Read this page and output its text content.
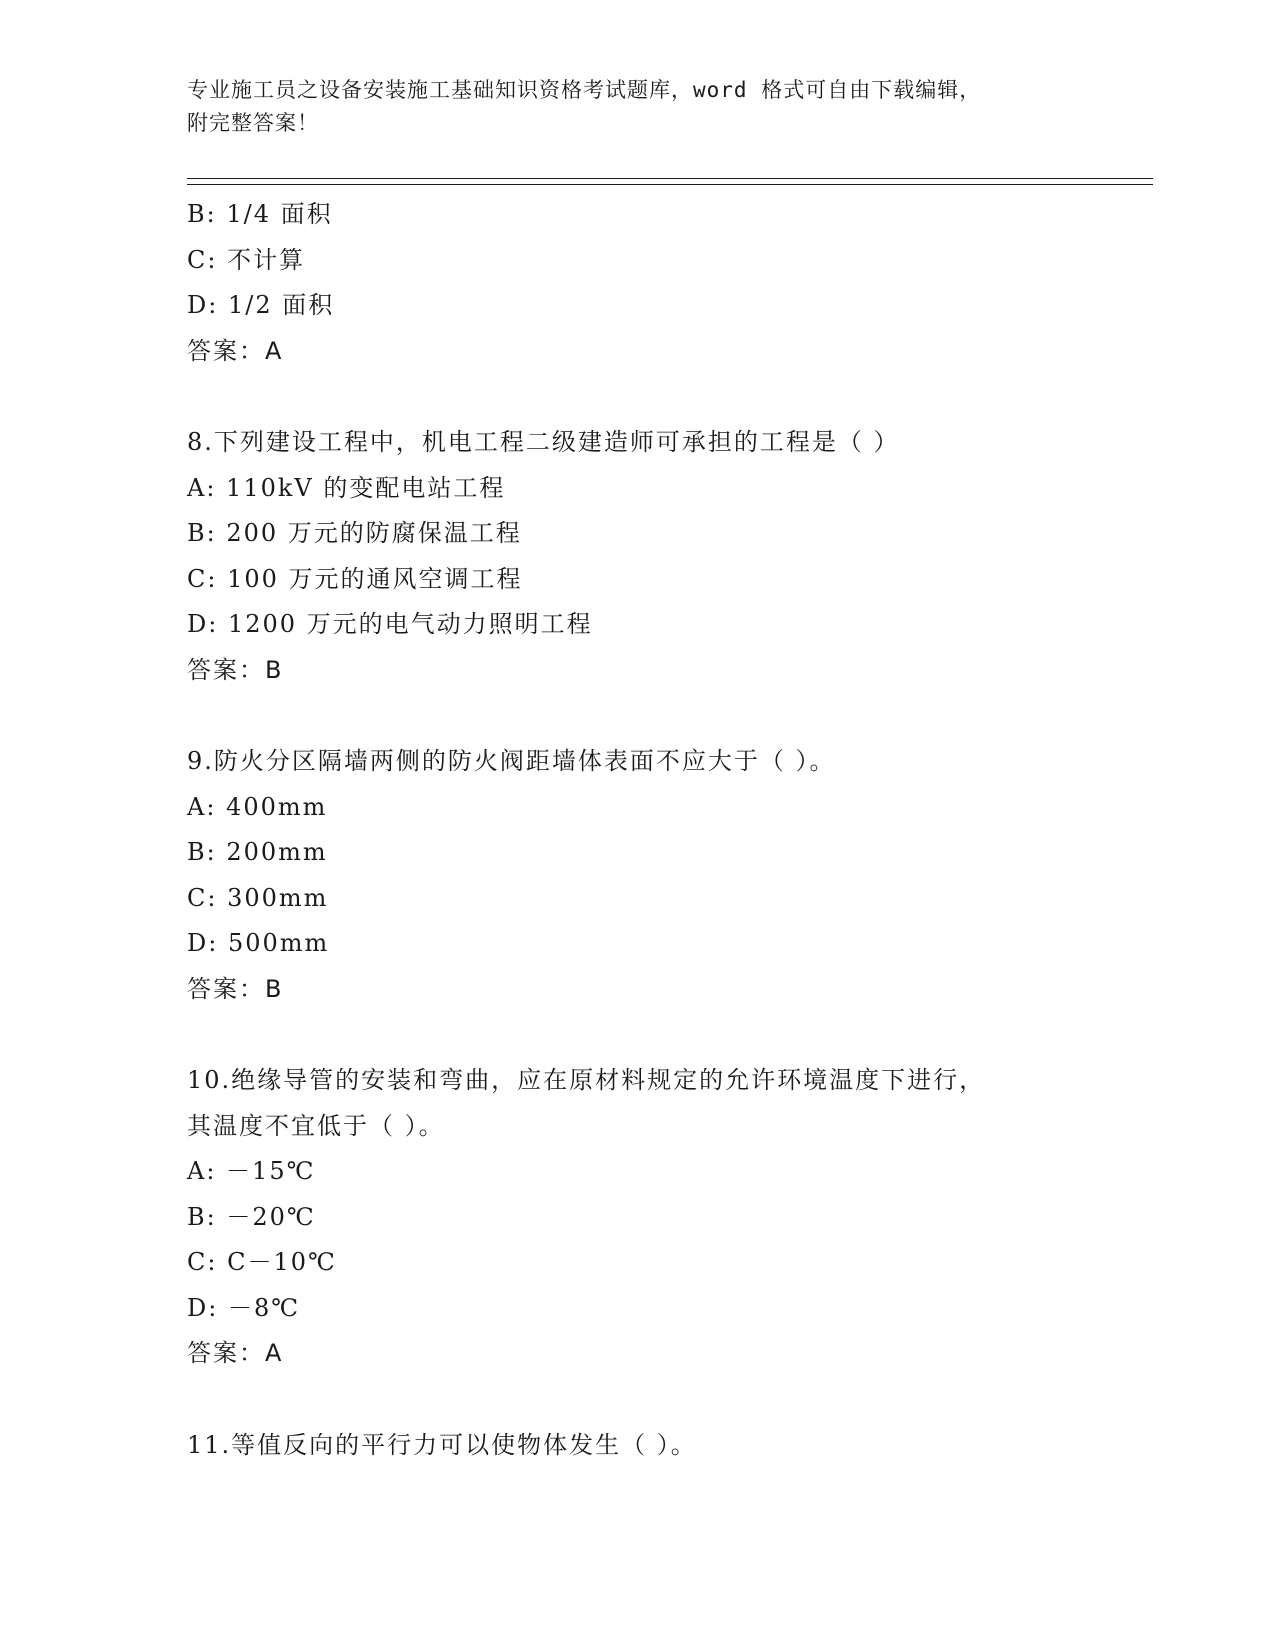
专业施工员之设备安装施工基础知识资格考试题库，word 格式可自由下载编辑，
附完整答案！
B: 1/4 面积
C: 不计算
D: 1/2 面积
答案：A
8.下列建设工程中，机电工程二级建造师可承担的工程是（ ）
A: 110kV 的变配电站工程
B: 200 万元的防腐保温工程
C: 100 万元的通风空调工程
D: 1200 万元的电气动力照明工程
答案：B
9.防火分区隔墙两侧的防火阀距墙体表面不应大于（ ）。
A: 400mm
B: 200mm
C: 300mm
D: 500mm
答案：B
10.绝缘导管的安装和弯曲，应在原材料规定的允许环境温度下进行，
其温度不宜低于（ ）。
A: －15℃
B: －20℃
C: C－10℃
D: －8℃
答案：A
11.等值反向的平行力可以使物体发生（ ）。
